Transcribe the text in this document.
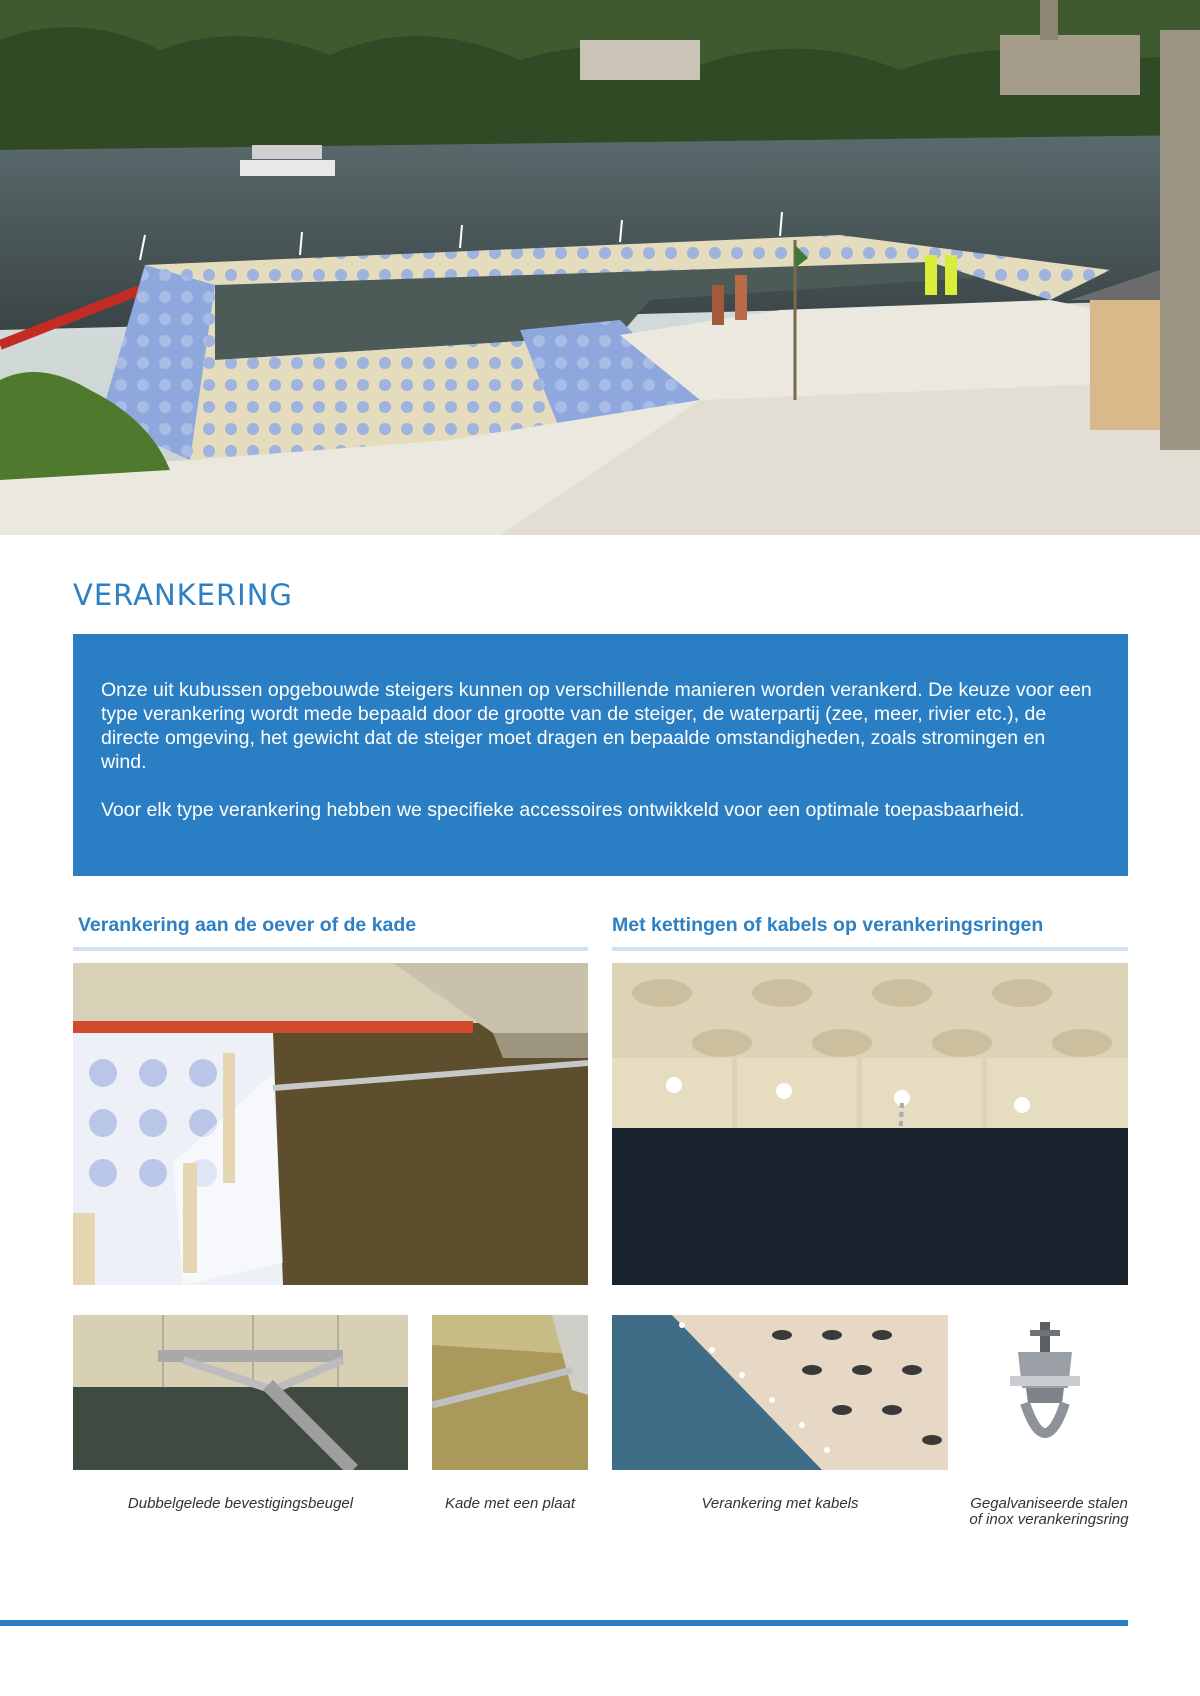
VERANKERING

Onze uit kubussen opgebouwde steigers kunnen op verschillende manieren worden verankerd. De keuze voor een type verankering wordt mede bepaald door de grootte van de steiger, de waterpartij (zee, meer, rivier etc.), de directe omgeving, het gewicht dat de steiger moet dragen en bepaalde omstandigheden, zoals stromingen en wind.

Voor elk type verankering hebben we specifieke accessoires ontwikkeld voor een optimale toepasbaarheid.

Verankering aan de oever of de kade	Met kettingen of kabels op verankeringsringen
Dubbelgelede bevestigingsbeugel	Kade met een plaat	Verankering met kabels	Gegalvaniseerde stalen of inox verankeringsring
